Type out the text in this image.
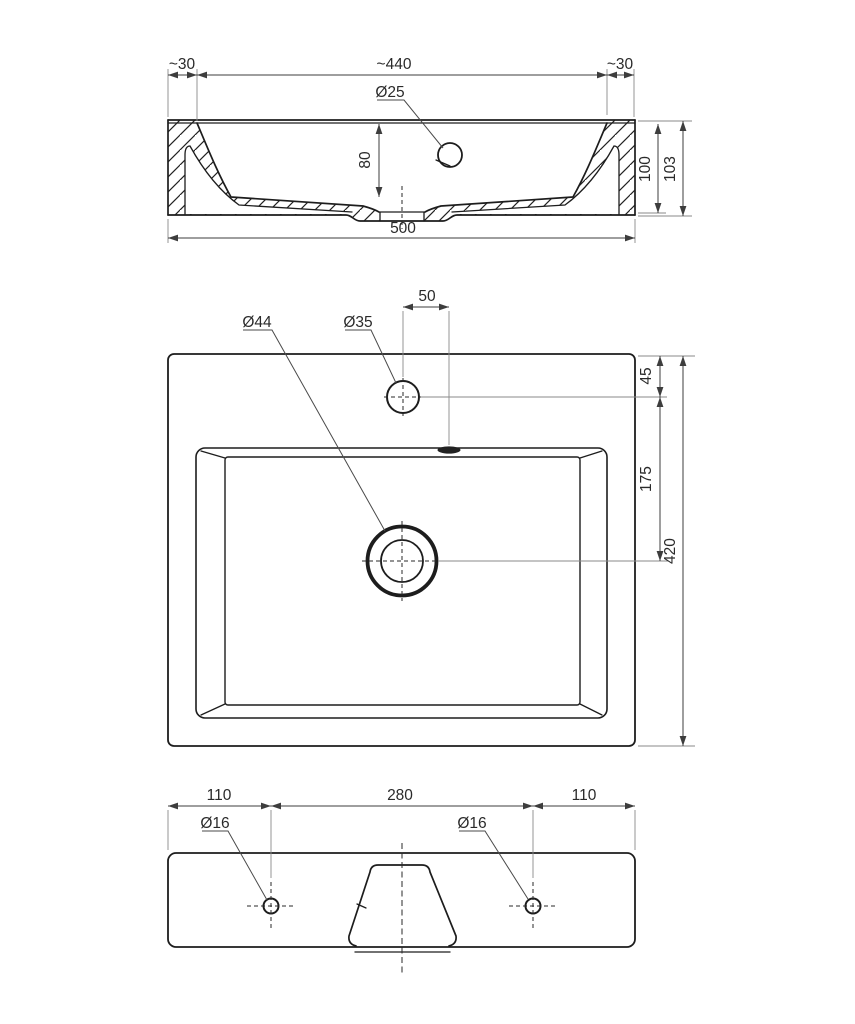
~30	~440	~30
Ø25
80
500
100 103
Ø44	Ø35
50
45
175
420
Ø16	Ø16
110	280	110
